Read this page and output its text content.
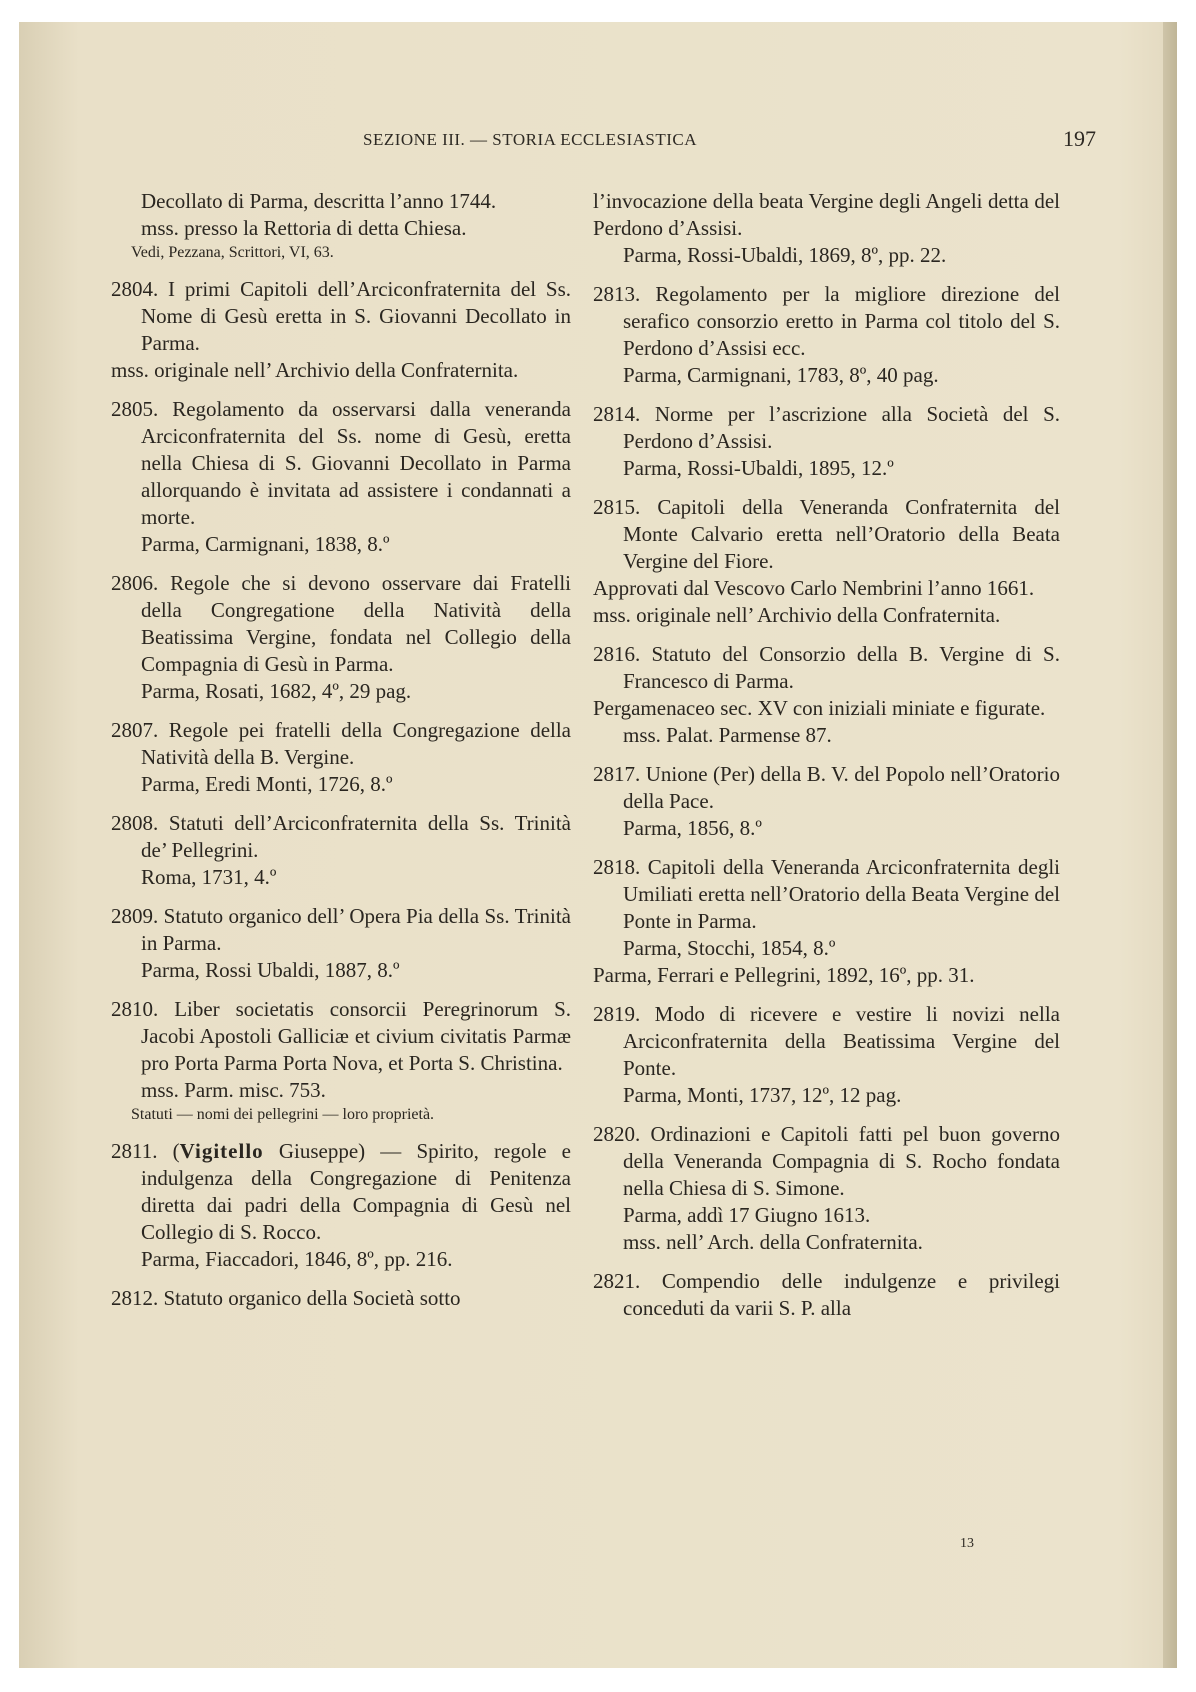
SEZIONE III. — STORIA ECCLESIASTICA	197

Decollato di Parma, descritta l’anno 1744.

mss. presso la Rettoria di detta Chiesa.

Vedi, Pezzana, Scrittori, VI, 63.

2804. I primi Capitoli dell’Arciconfraternita del Ss. Nome di Gesù eretta in S. Giovanni Decollato in Parma.

mss. originale nell’ Archivio della Confraternita.

2805. Regolamento da osservarsi dalla veneranda Arciconfraternita del Ss. nome di Gesù, eretta nella Chiesa di S. Giovanni Decollato in Parma allorquando è invitata ad assistere i condannati a morte.

Parma, Carmignani, 1838, 8.º

2806. Regole che si devono osservare dai Fratelli della Congregatione della Natività della Beatissima Vergine, fondata nel Collegio della Compagnia di Gesù in Parma.

Parma, Rosati, 1682, 4º, 29 pag.

2807. Regole pei fratelli della Congregazione della Natività della B. Vergine.

Parma, Eredi Monti, 1726, 8.º

2808. Statuti dell’Arciconfraternita della Ss. Trinità de’ Pellegrini.

Roma, 1731, 4.º

2809. Statuto organico dell’ Opera Pia della Ss. Trinità in Parma.

Parma, Rossi Ubaldi, 1887, 8.º

2810. Liber societatis consorcii Peregrinorum S. Jacobi Apostoli Galliciæ et civium civitatis Parmæ pro Porta Parma Porta Nova, et Porta S. Christina.

mss. Parm. misc. 753.

Statuti — nomi dei pellegrini — loro proprietà.

2811. (Vigitello Giuseppe) — Spirito, regole e indulgenza della Congregazione di Penitenza diretta dai padri della Compagnia di Gesù nel Collegio di S. Rocco.

Parma, Fiaccadori, 1846, 8º, pp. 216.

2812. Statuto organico della Società sotto

l’invocazione della beata Vergine degli Angeli detta del Perdono d’Assisi.

Parma, Rossi-Ubaldi, 1869, 8º, pp. 22.

2813. Regolamento per la migliore direzione del serafico consorzio eretto in Parma col titolo del S. Perdono d’Assisi ecc.

Parma, Carmignani, 1783, 8º, 40 pag.

2814. Norme per l’ascrizione alla Società del S. Perdono d’Assisi.

Parma, Rossi-Ubaldi, 1895, 12.º

2815. Capitoli della Veneranda Confraternita del Monte Calvario eretta nell’Oratorio della Beata Vergine del Fiore.

Approvati dal Vescovo Carlo Nembrini l’anno 1661.

mss. originale nell’ Archivio della Confraternita.

2816. Statuto del Consorzio della B. Vergine di S. Francesco di Parma.

Pergamenaceo sec. XV con iniziali miniate e figurate.

mss. Palat. Parmense 87.

2817. Unione (Per) della B. V. del Popolo nell’Oratorio della Pace.

Parma, 1856, 8.º

2818. Capitoli della Veneranda Arciconfraternita degli Umiliati eretta nell’Oratorio della Beata Vergine del Ponte in Parma.

Parma, Stocchi, 1854, 8.º

Parma, Ferrari e Pellegrini, 1892, 16º, pp. 31.

2819. Modo di ricevere e vestire li novizi nella Arciconfraternita della Beatissima Vergine del Ponte.

Parma, Monti, 1737, 12º, 12 pag.

2820. Ordinazioni e Capitoli fatti pel buon governo della Veneranda Compagnia di S. Rocho fondata nella Chiesa di S. Simone.

Parma, addì 17 Giugno 1613.

mss. nell’ Arch. della Confraternita.

2821. Compendio delle indulgenze e privilegi conceduti da varii S. P. alla

13
